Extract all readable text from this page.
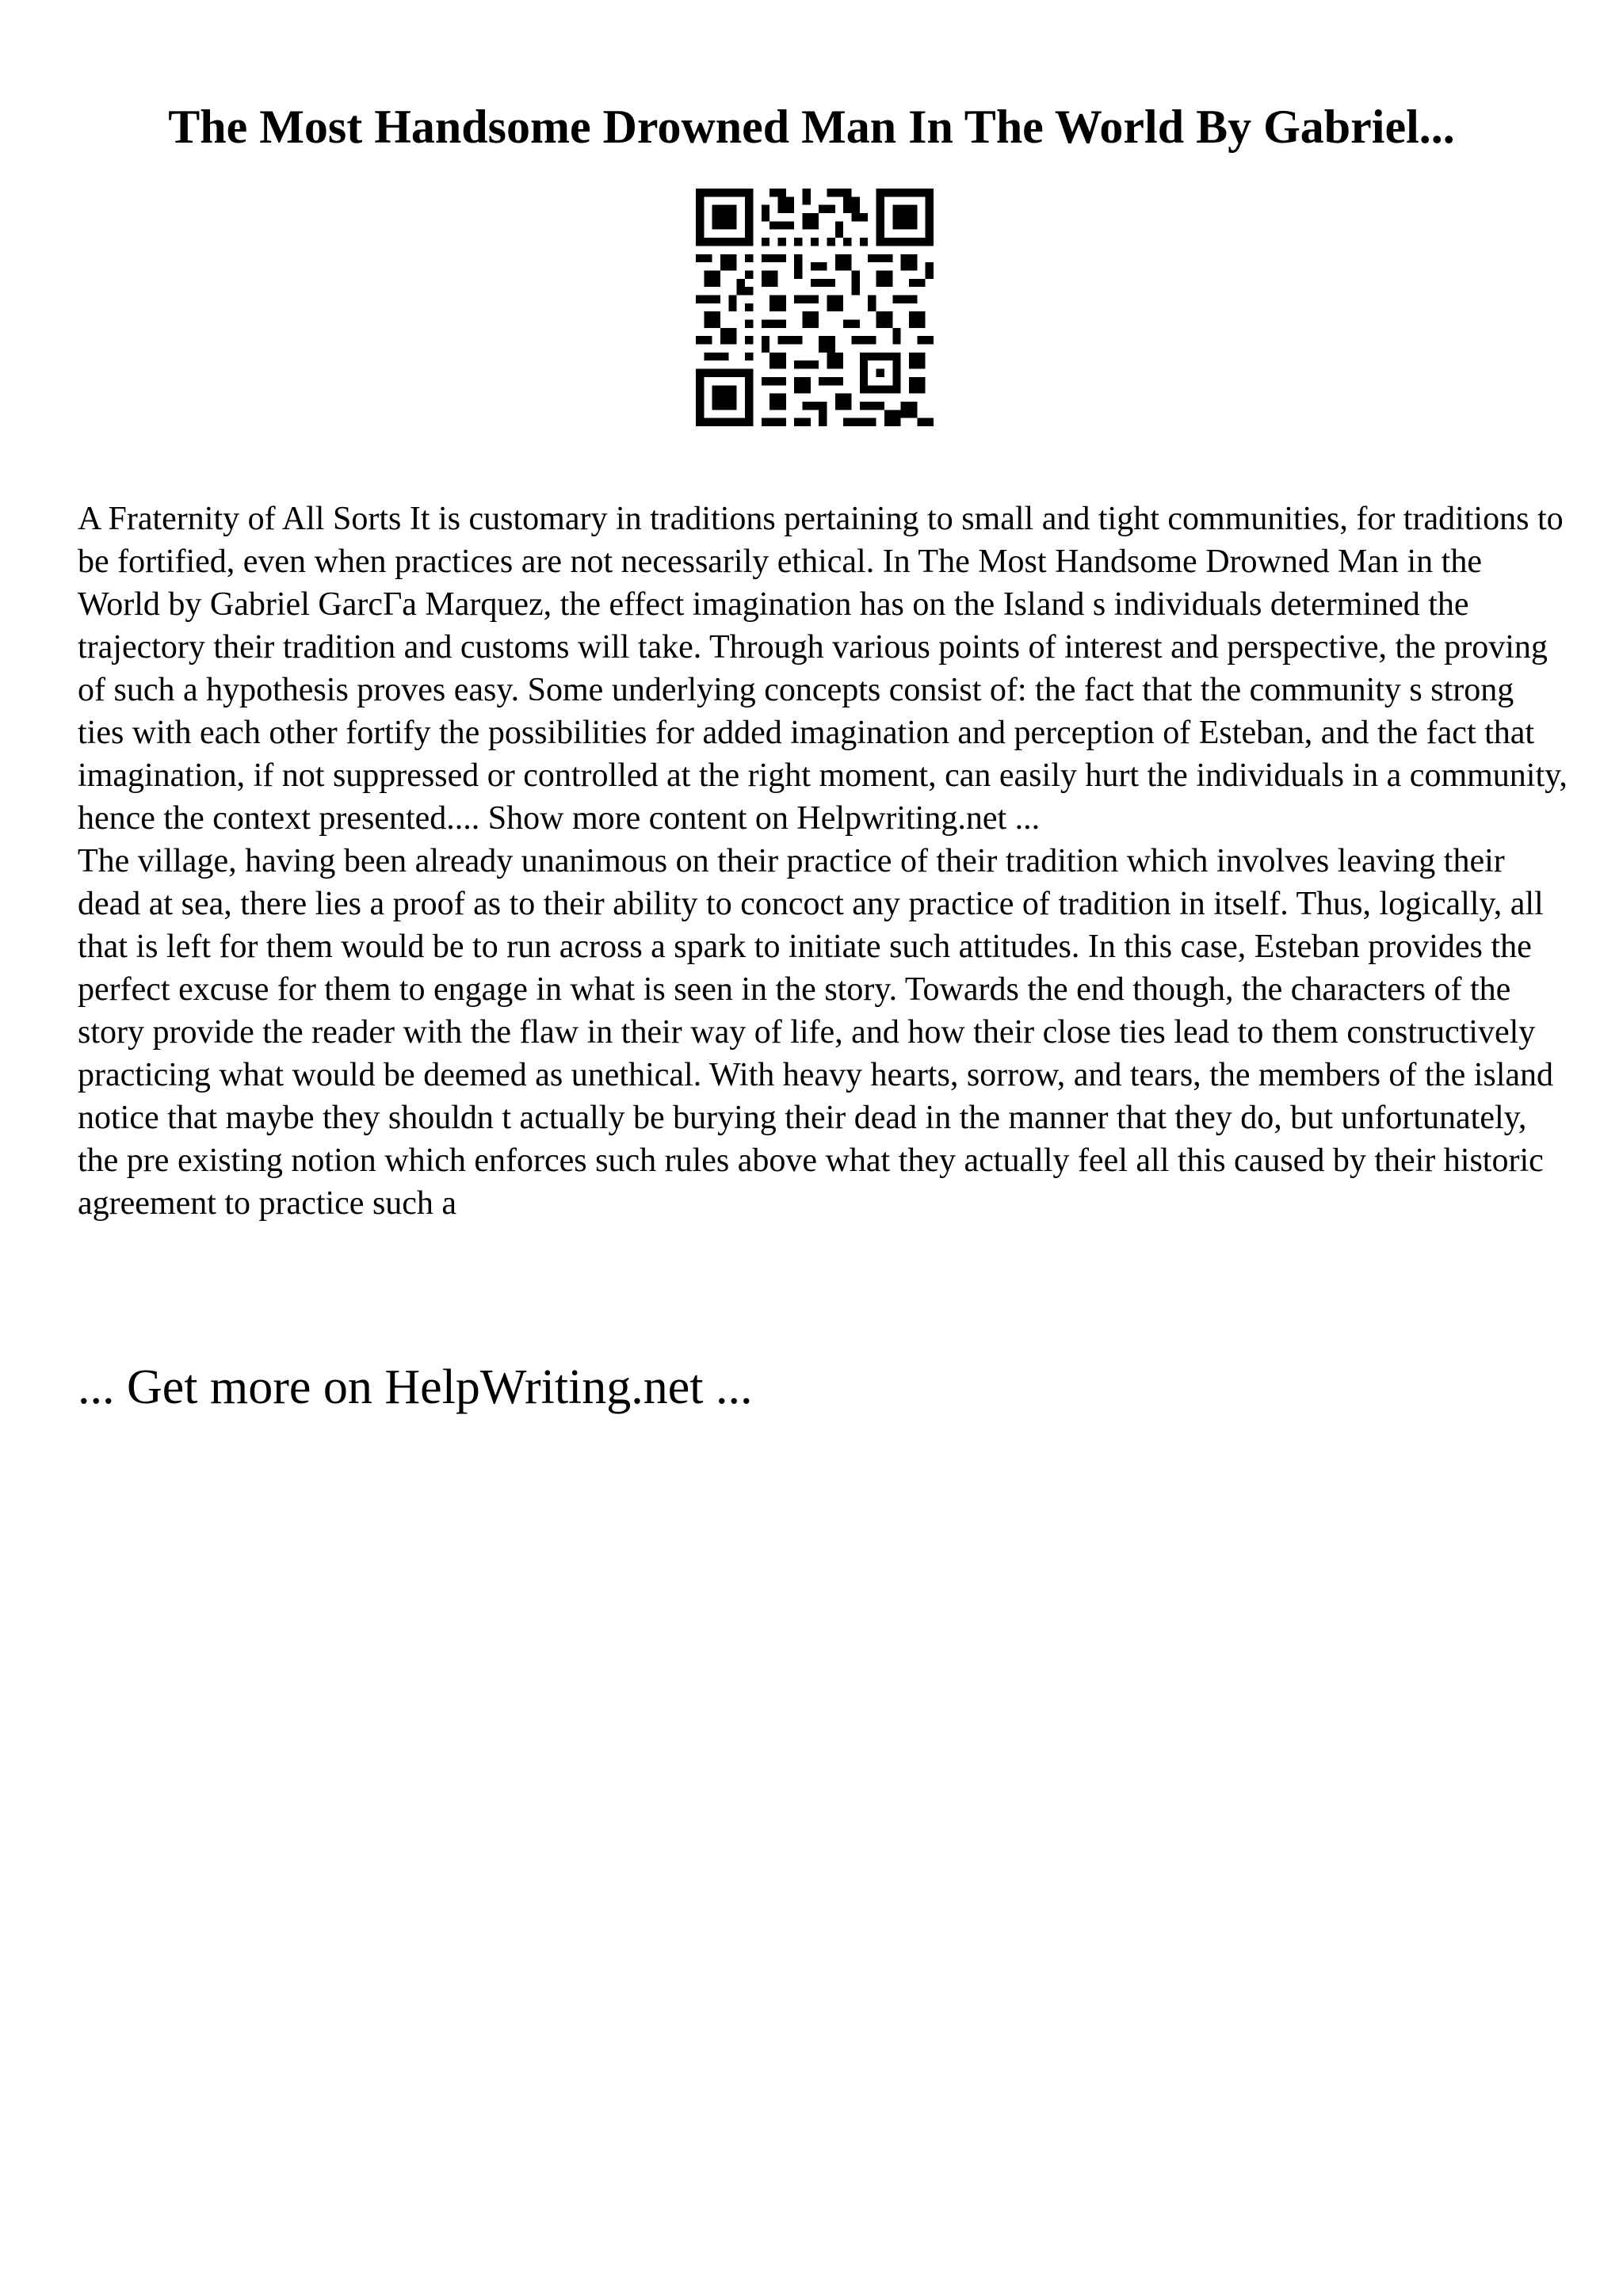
The Most Handsome Drowned Man In The World By Gabriel...

A Fraternity of All Sorts It is customary in traditions pertaining to small and tight communities, for traditions to be fortified, even when practices are not necessarily ethical. In The Most Handsome Drowned Man in the World by Gabriel GarcГa Marquez, the effect imagination has on the Island s individuals determined the trajectory their tradition and customs will take. Through various points of interest and perspective, the proving of such a hypothesis proves easy. Some underlying concepts consist of: the fact that the community s strong ties with each other fortify the possibilities for added imagination and perception of Esteban, and the fact that imagination, if not suppressed or controlled at the right moment, can easily hurt the individuals in a community, hence the context presented.... Show more content on Helpwriting.net ...

The village, having been already unanimous on their practice of their tradition which involves leaving their dead at sea, there lies a proof as to their ability to concoct any practice of tradition in itself. Thus, logically, all that is left for them would be to run across a spark to initiate such attitudes. In this case, Esteban provides the perfect excuse for them to engage in what is seen in the story. Towards the end though, the characters of the story provide the reader with the flaw in their way of life, and how their close ties lead to them constructively practicing what would be deemed as unethical. With heavy hearts, sorrow, and tears, the members of the island notice that maybe they shouldn t actually be burying their dead in the manner that they do, but unfortunately, the pre existing notion which enforces such rules above what they actually feel all this caused by their historic agreement to practice such a

... Get more on HelpWriting.net ...
